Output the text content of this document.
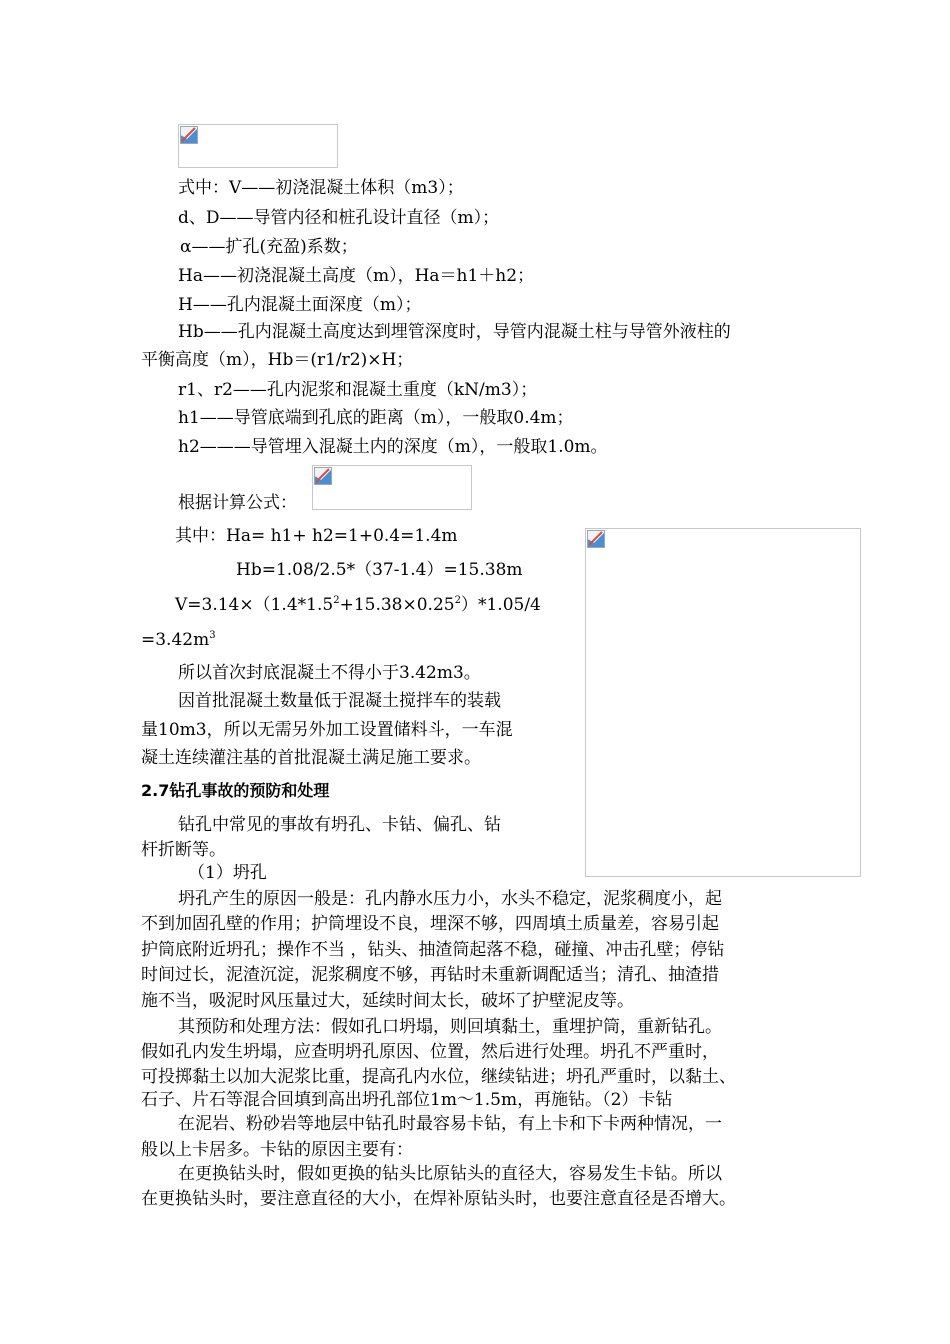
式中：V——初浇混凝土体积（m3）；
d、D——导管内径和桩孔设计直径（m）；
α——扩孔(充盈)系数；
Ha——初浇混凝土高度（m），Ha＝h1＋h2；
H——孔内混凝土面深度（m）；
Hb——孔内混凝土高度达到埋管深度时，导管内混凝土柱与导管外液柱的
平衡高度（m），Hb＝(r1/r2)×H；
r1、r2——孔内泥浆和混凝土重度（kN/m3）；
h1——导管底端到孔底的距离（m），一般取0.4m；
h2———导管埋入混凝土内的深度（m），一般取1.0m。
根据计算公式：
其中：Ha= h1+ h2=1+0.4=1.4m
Hb=1.08/2.5*（37-1.4）=15.38m
$V=3.14\times(1.4*1.5^2+15.38\times 0.25^2)*1.05/4$
$=3.42m^3$
所以首次封底混凝土不得小于3.42m3。
因首批混凝土数量低于混凝土搅拌车的装载
量10m3，所以无需另外加工设置储料斗，一车混
凝土连续灌注基的首批混凝土满足施工要求。
2.7钻孔事故的预防和处理
钻孔中常见的事故有坍孔、卡钻、偏孔、钻
杆折断等。
（1）坍孔
坍孔产生的原因一般是：孔内静水压力小，水头不稳定，泥浆稠度小，起
不到加固孔壁的作用；护筒埋设不良，埋深不够，四周填土质量差，容易引起
护筒底附近坍孔；操作不当 ，钻头、抽渣筒起落不稳，碰撞、冲击孔壁；停钻
时间过长，泥渣沉淀，泥浆稠度不够，再钻时未重新调配适当；清孔、抽渣措
施不当，吸泥时风压量过大，延续时间太长，破坏了护壁泥皮等。
其预防和处理方法：假如孔口坍塌，则回填黏土，重埋护筒，重新钻孔。
假如孔内发生坍塌，应查明坍孔原因、位置，然后进行处理。坍孔不严重时，
可投掷黏土以加大泥浆比重，提高孔内水位，继续钻进；坍孔严重时，以黏土、
石子、片石等混合回填到高出坍孔部位1m～1.5m，再施钻。（2）卡钻
在泥岩、粉砂岩等地层中钻孔时最容易卡钻，有上卡和下卡两种情况，一
般以上卡居多。卡钻的原因主要有：
在更换钻头时，假如更换的钻头比原钻头的直径大，容易发生卡钻。所以
在更换钻头时，要注意直径的大小，在焊补原钻头时，也要注意直径是否增大。
